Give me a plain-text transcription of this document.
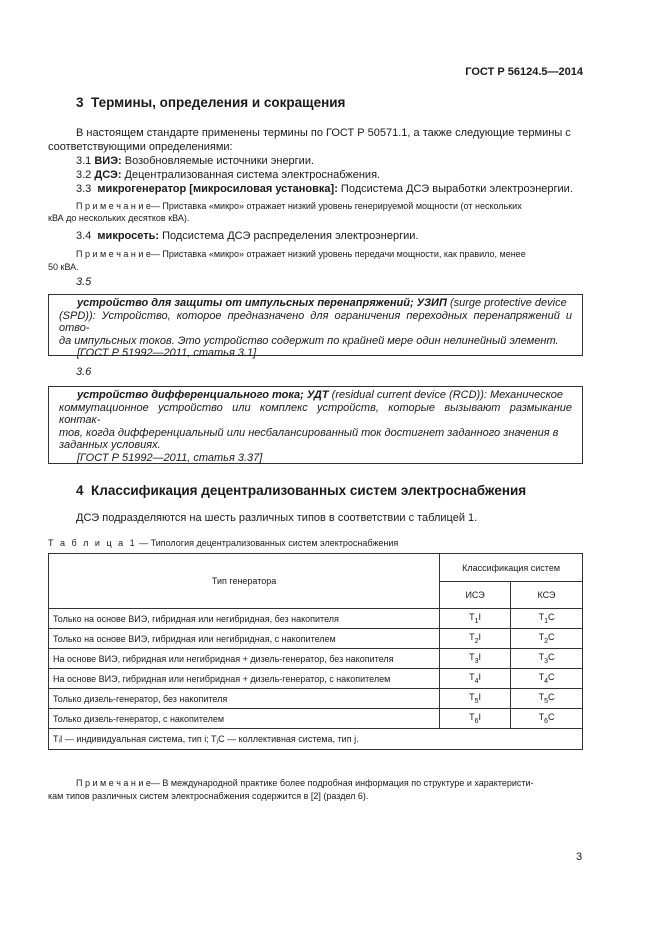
ГОСТ Р 56124.5—2014
3 Термины, определения и сокращения
В настоящем стандарте применены термины по ГОСТ Р 50571.1, а также следующие термины с
соответствующими определениями:
3.1 ВИЭ: Возобновляемые источники энергии.
3.2 ДСЭ: Децентрализованная система электроснабжения.
3.3 микрогенератор [микросиловая установка]: Подсистема ДСЭ выработки электроэнергии.
П р и м е ч а н и е— Приставка «микро» отражает низкий уровень генерируемой мощности (от нескольких
кВА до нескольких десятков кВА).
3.4 микросеть: Подсистема ДСЭ распределения электроэнергии.
П р и м е ч а н и е— Приставка «микро» отражает низкий уровень передачи мощности, как правило, менее
50 кВА.
3.5
устройство для защиты от импульсных перенапряжений; УЗИП (surge protective device
(SPD)): Устройство, которое предназначено для ограничения переходных перенапряжений и отво-
да импульсных токов. Это устройство содержит по крайней мере один нелинейный элемент.
[ГОСТ Р 51992—2011, статья 3.1]
3.6
устройство дифференциального тока; УДТ (residual current device (RCD)): Механическое
коммутационное устройство или комплекс устройств, которые вызывают размыкание контак-
тов, когда дифференциальный или несбалансированный ток достигнет заданного значения в
заданных условиях.
[ГОСТ Р 51992—2011, статья 3.37]
4 Классификация децентрализованных систем электроснабжения
ДСЭ подразделяются на шесть различных типов в соответствии с таблицей 1.
Т а б л и ц а 1 — Типология децентрализованных систем электроснабжения
Тип генератора	Классификация систем	
	ИСЭ	КСЭ
Только на основе ВИЭ, гибридная или негибридная, без накопителя	$T_1I$	$T_1C$
Только на основе ВИЭ, гибридная или негибридная, с накопителем	$T_2I$	$T_2C$
На основе ВИЭ, гибридная или негибридная + дизель-генератор, без накопителя	$T_3I$	$T_3C$
На основе ВИЭ, гибридная или негибридная + дизель-генератор, с накопителем	$T_4I$	$T_4C$
Только дизель-генератор, без накопителя	$T_5I$	$T_5C$
Только дизель-генератор, с накопителем	$T_6I$	$T_6C$
TᵢI — индивидуальная система, тип i; TⱼC — коллективная система, тип j.		
П р и м е ч а н и е— В международной практике более подробная информация по структуре и характеристи-
кам типов различных систем электроснабжения содержится в [2] (раздел 6).
3
